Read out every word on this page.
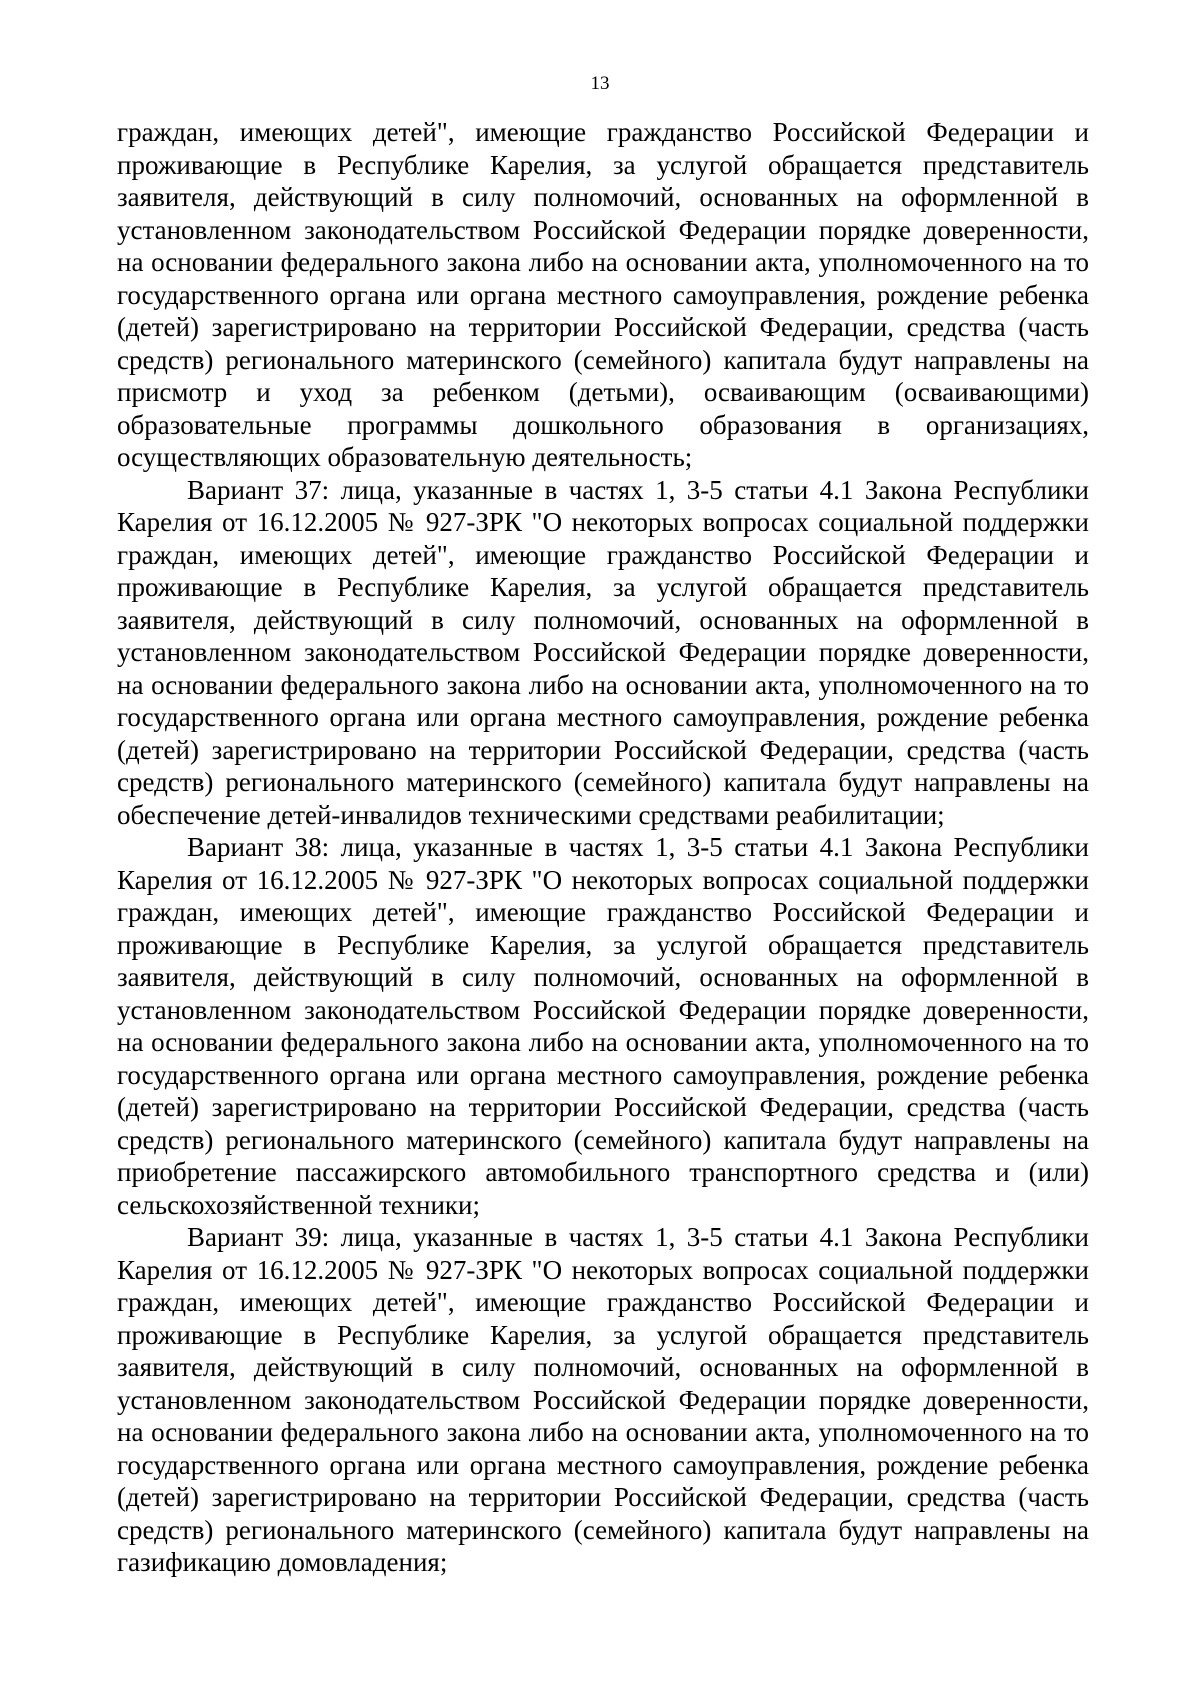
13

граждан, имеющих детей", имеющие гражданство Российской Федерации и проживающие в Республике Карелия, за услугой обращается представитель заявителя, действующий в силу полномочий, основанных на оформленной в установленном законодательством Российской Федерации порядке доверенности, на основании федерального закона либо на основании акта, уполномоченного на то государственного органа или органа местного самоуправления, рождение ребенка (детей) зарегистрировано на территории Российской Федерации, средства (часть средств) регионального материнского (семейного) капитала будут направлены на присмотр и уход за ребенком (детьми), осваивающим (осваивающими) образовательные программы дошкольного образования в организациях, осуществляющих образовательную деятельность;

Вариант 37: лица, указанные в частях 1, 3-5 статьи 4.1 Закона Республики Карелия от 16.12.2005 № 927-ЗРК "О некоторых вопросах социальной поддержки граждан, имеющих детей", имеющие гражданство Российской Федерации и проживающие в Республике Карелия, за услугой обращается представитель заявителя, действующий в силу полномочий, основанных на оформленной в установленном законодательством Российской Федерации порядке доверенности, на основании федерального закона либо на основании акта, уполномоченного на то государственного органа или органа местного самоуправления, рождение ребенка (детей) зарегистрировано на территории Российской Федерации, средства (часть средств) регионального материнского (семейного) капитала будут направлены на обеспечение детей-инвалидов техническими средствами реабилитации;

Вариант 38: лица, указанные в частях 1, 3-5 статьи 4.1 Закона Республики Карелия от 16.12.2005 № 927-ЗРК "О некоторых вопросах социальной поддержки граждан, имеющих детей", имеющие гражданство Российской Федерации и проживающие в Республике Карелия, за услугой обращается представитель заявителя, действующий в силу полномочий, основанных на оформленной в установленном законодательством Российской Федерации порядке доверенности, на основании федерального закона либо на основании акта, уполномоченного на то государственного органа или органа местного самоуправления, рождение ребенка (детей) зарегистрировано на территории Российской Федерации, средства (часть средств) регионального материнского (семейного) капитала будут направлены на приобретение пассажирского автомобильного транспортного средства и (или) сельскохозяйственной техники;

Вариант 39: лица, указанные в частях 1, 3-5 статьи 4.1 Закона Республики Карелия от 16.12.2005 № 927-ЗРК "О некоторых вопросах социальной поддержки граждан, имеющих детей", имеющие гражданство Российской Федерации и проживающие в Республике Карелия, за услугой обращается представитель заявителя, действующий в силу полномочий, основанных на оформленной в установленном законодательством Российской Федерации порядке доверенности, на основании федерального закона либо на основании акта, уполномоченного на то государственного органа или органа местного самоуправления, рождение ребенка (детей) зарегистрировано на территории Российской Федерации, средства (часть средств) регионального материнского (семейного) капитала будут направлены на газификацию домовладения;
